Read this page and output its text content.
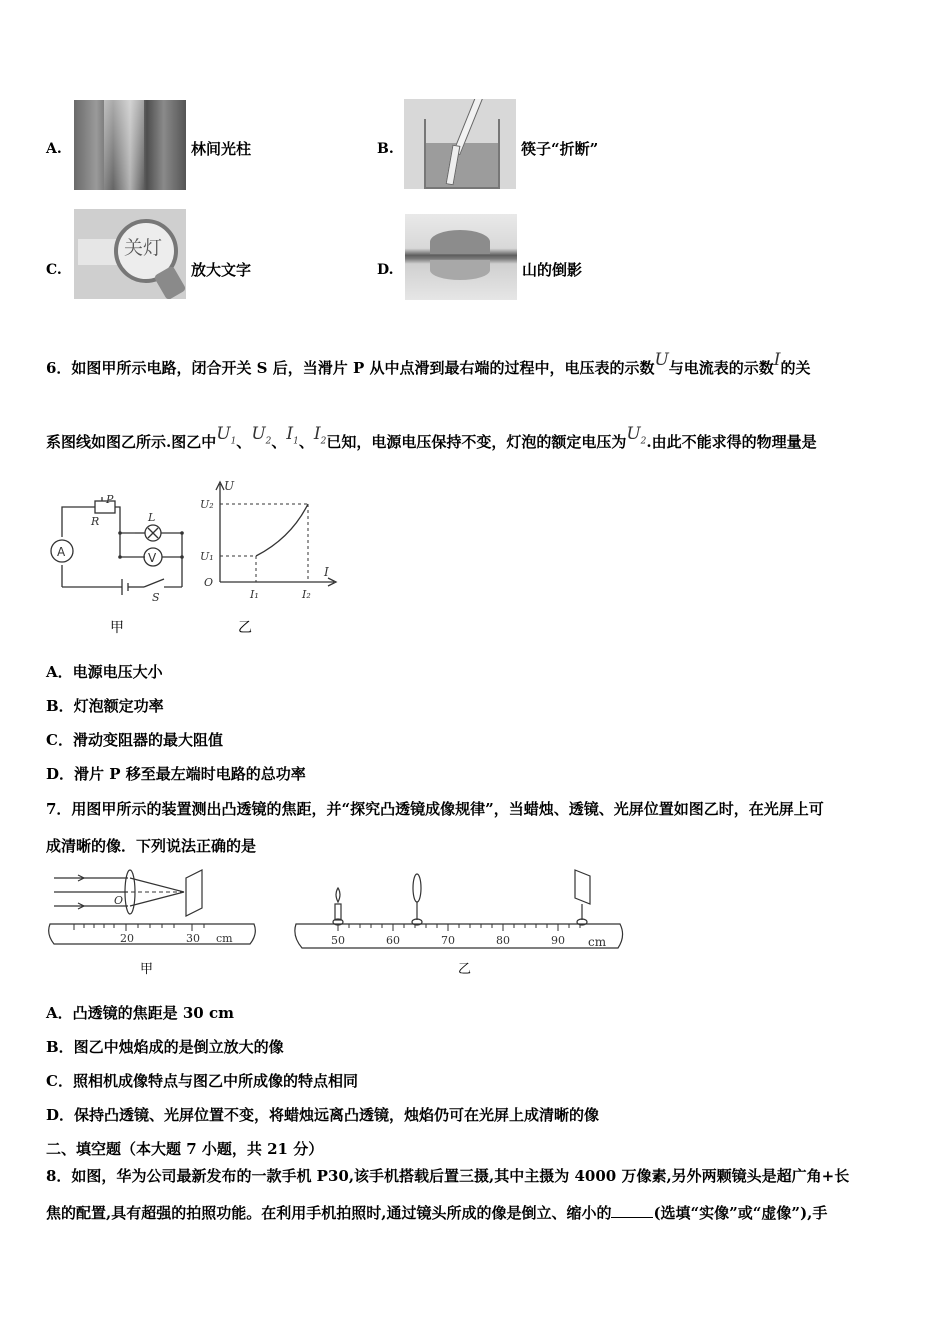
A.	林间光柱	B.	筷子“折断”
C.
关灯
放大文字	D.	山的倒影
6．如图甲所示电路，闭合开关 S 后，当滑片 P 从中点滑到最右端的过程中，电压表的示数U与电流表的示数I的关
系图线如图乙所示.图乙中$U_1$、$U_2$、$I_1$、$I_2$已知，电源电压保持不变，灯泡的额定电压为$U_2$.由此不能求得的物理量是
A	V
L
P
R
S
甲
U
I
O
U₂
U₁
I₁	I₂
乙
A．电源电压大小
B．灯泡额定功率
C．滑动变阻器的最大阻值
D．滑片 P 移至最左端时电路的总功率
7．用图甲所示的装置测出凸透镜的焦距，并“探究凸透镜成像规律”，当蜡烛、透镜、光屏位置如图乙时，在光屏上可
成清晰的像．下列说法正确的是
O
20	30 cm
甲
50	60	70	80	90 cm
乙
A．凸透镜的焦距是 30 cm
B．图乙中烛焰成的是倒立放大的像
C．照相机成像特点与图乙中所成像的特点相同
D．保持凸透镜、光屏位置不变，将蜡烛远离凸透镜，烛焰仍可在光屏上成清晰的像
二、填空题（本大题 7 小题，共 21 分）
8．如图，华为公司最新发布的一款手机 P30,该手机搭载后置三摄,其中主摄为 4000 万像素,另外两颗镜头是超广角+长
焦的配置,具有超强的拍照功能。在利用手机拍照时,通过镜头所成的像是倒立、缩小的	(选填“实像”或“虚像”),手
